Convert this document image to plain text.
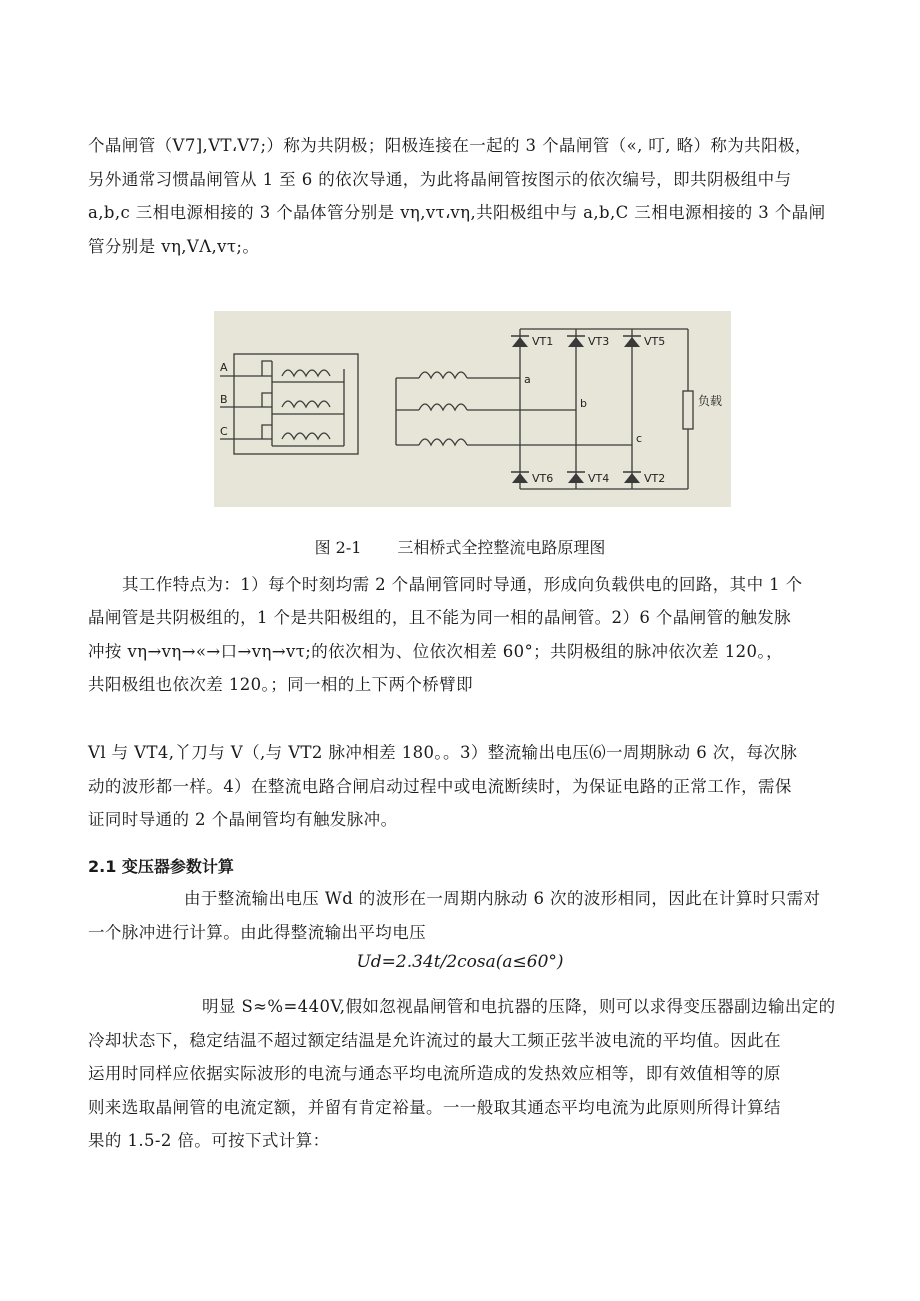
个晶闸管（V7],VT،V7;）称为共阴极；阳极连接在一起的 3 个晶闸管（«, 叮, 略）称为共阳极，
另外通常习惯晶闸管从 1 至 6 的依次导通，为此将晶闸管按图示的依次编号，即共阴极组中与
a,b,c 三相电源相接的 3 个晶体管分别是 vη,vτ،vη,共阳极组中与 a,b,C 三相电源相接的 3 个晶闸
管分别是 vη,VΛ,vτ;。
A
B
C
a
b
c
VT1	VT3	VT5
VT6	VT4	VT2
负载
图 2-1 三相桥式全控整流电路原理图
其工作特点为：1）每个时刻均需 2 个晶闸管同时导通，形成向负载供电的回路，其中 1 个
晶闸管是共阴极组的，1 个是共阳极组的，且不能为同一相的晶闸管。2）6 个晶闸管的触发脉
冲按 vη→vη→«→口→vη→vτ;的依次相为、位依次相差 60°；共阴极组的脉冲依次差 120。，
共阳极组也依次差 120。；同一相的上下两个桥臂即
Vl 与 VT4,丫刀与 V（,与 VT2 脉冲相差 180。。3）整流输出电压⑹一周期脉动 6 次，每次脉
动的波形都一样。4）在整流电路合闸启动过程中或电流断续时，为保证电路的正常工作，需保
证同时导通的 2 个晶闸管均有触发脉冲。
2.1 变压器参数计算
由于整流输出电压 Wd 的波形在一周期内脉动 6 次的波形相同，因此在计算时只需对
一个脉冲进行计算。由此得整流输出平均电压
Ud=2.34t∕2cosa(a≤60°)
明显 S≈%=440V,假如忽视晶闸管和电抗器的压降，则可以求得变压器副边输出定的
冷却状态下，稳定结温不超过额定结温是允许流过的最大工频正弦半波电流的平均值。因此在
运用时同样应依据实际波形的电流与通态平均电流所造成的发热效应相等，即有效值相等的原
则来选取晶闸管的电流定额，并留有肯定裕量。一一般取其通态平均电流为此原则所得计算结
果的 1.5-2 倍。可按下式计算：
